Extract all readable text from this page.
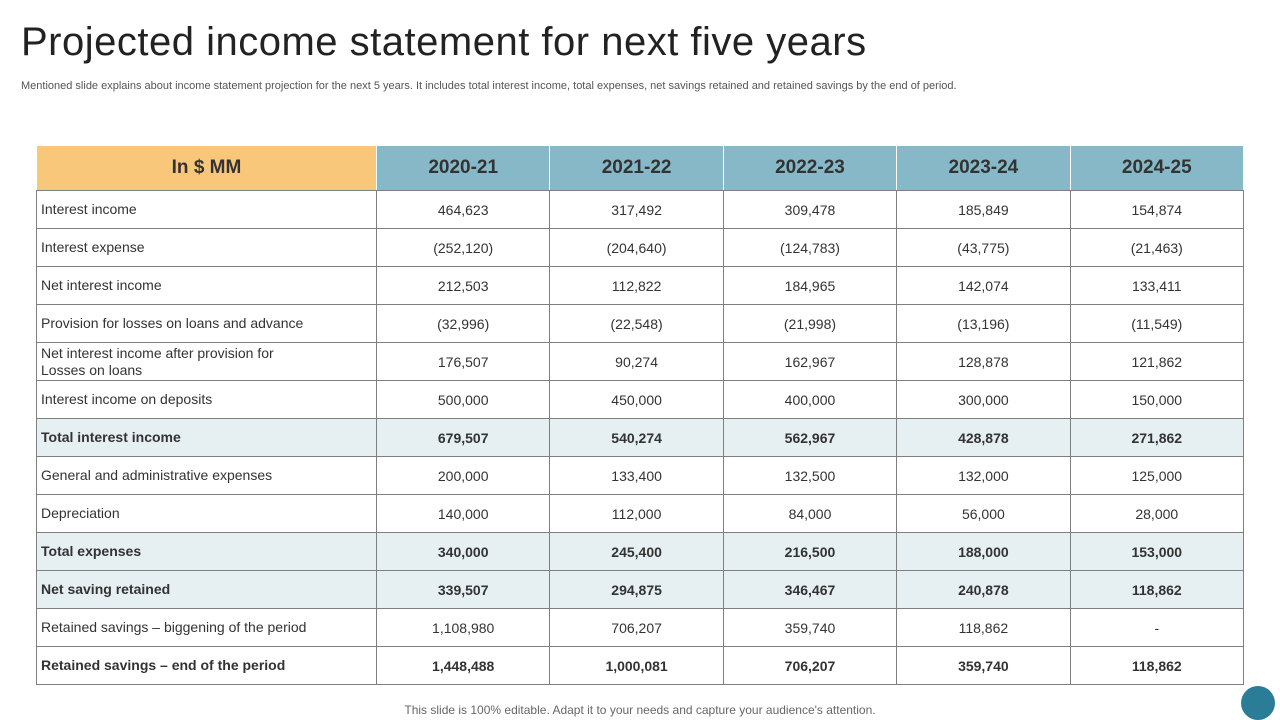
Projected income statement for next five years

Mentioned slide explains about income statement projection for the next 5 years. It includes total interest income, total expenses, net savings retained and retained savings by the end of period.

In $ MM	2020-21	2021-22	2022-23	2023-24	2024-25
Interest income	464,623	317,492	309,478	185,849	154,874
Interest expense	(252,120)	(204,640)	(124,783)	(43,775)	(21,463)
Net interest income	212,503	112,822	184,965	142,074	133,411
Provision for losses on loans and advance	(32,996)	(22,548)	(21,998)	(13,196)	(11,549)
Net interest income after provision for
Losses on loans	176,507	90,274	162,967	128,878	121,862
Interest income on deposits	500,000	450,000	400,000	300,000	150,000
Total interest income	679,507	540,274	562,967	428,878	271,862
General and administrative expenses	200,000	133,400	132,500	132,000	125,000
Depreciation	140,000	112,000	84,000	56,000	28,000
Total expenses	340,000	245,400	216,500	188,000	153,000
Net saving retained	339,507	294,875	346,467	240,878	118,862
Retained savings – biggening of the period	1,108,980	706,207	359,740	118,862	-
Retained savings – end of the period	1,448,488	1,000,081	706,207	359,740	118,862
This slide is 100% editable. Adapt it to your needs and capture your audience's attention.
